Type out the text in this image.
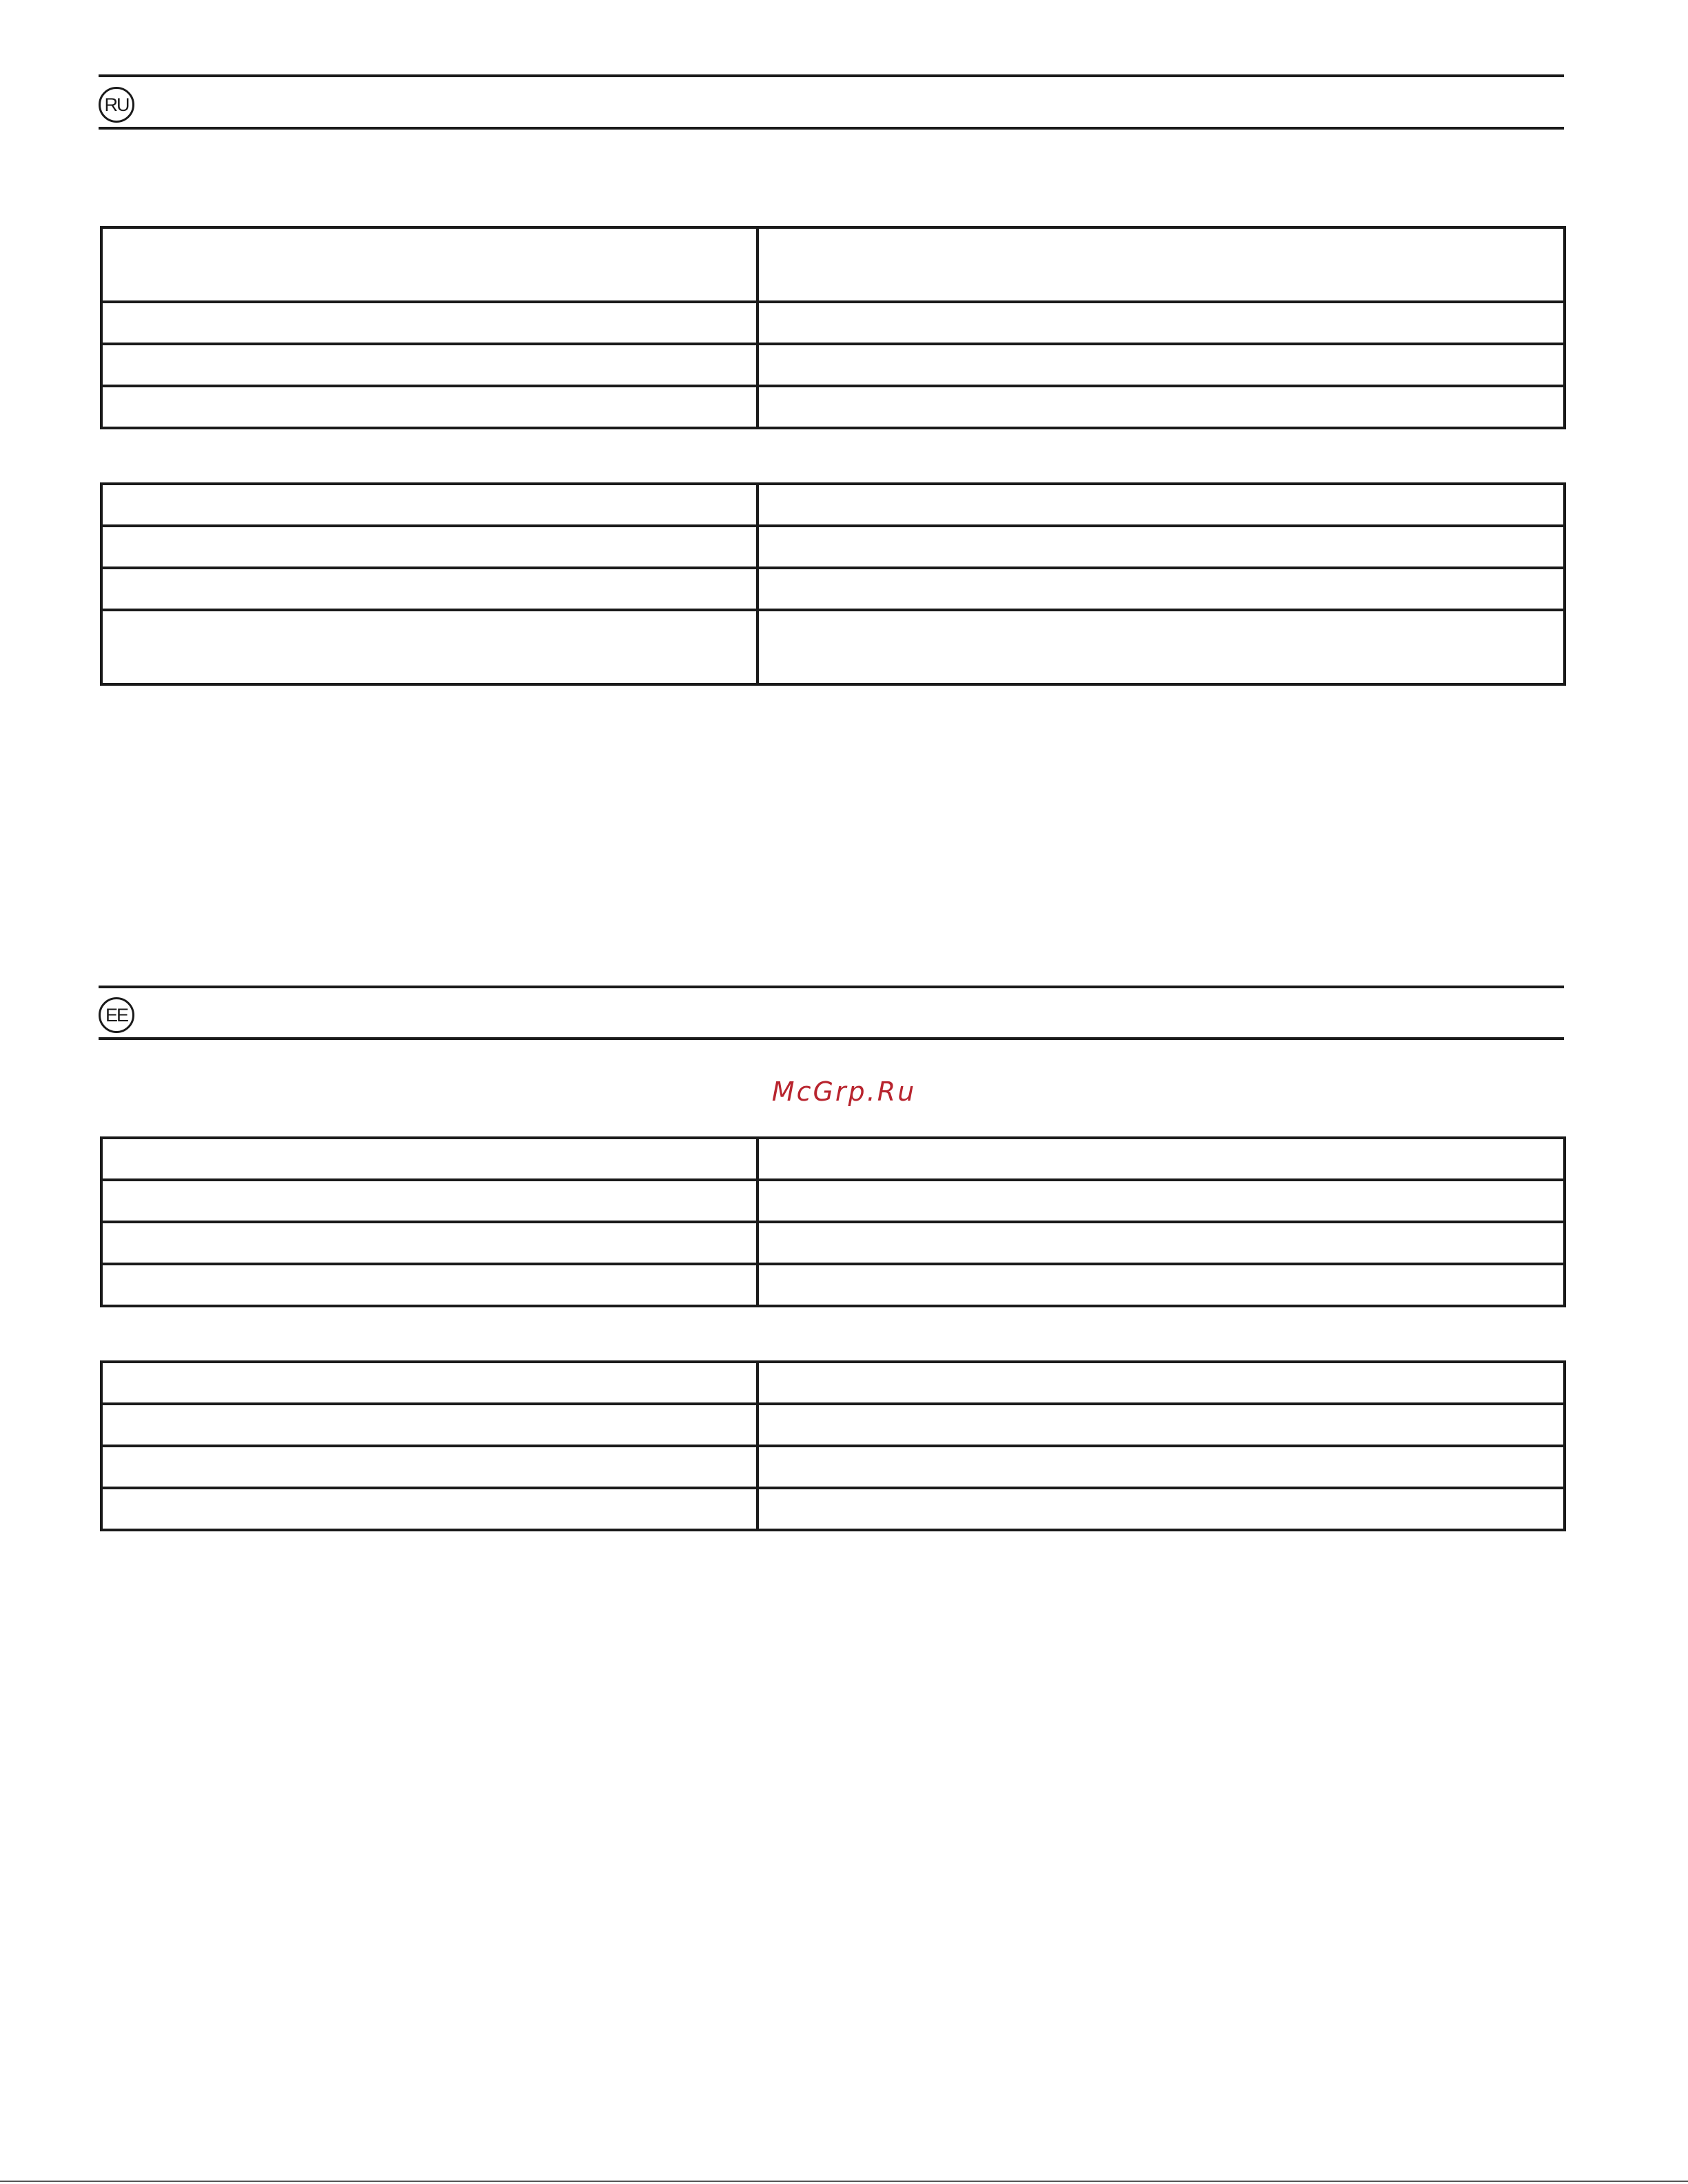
RU

EE
McGrp.Ru
